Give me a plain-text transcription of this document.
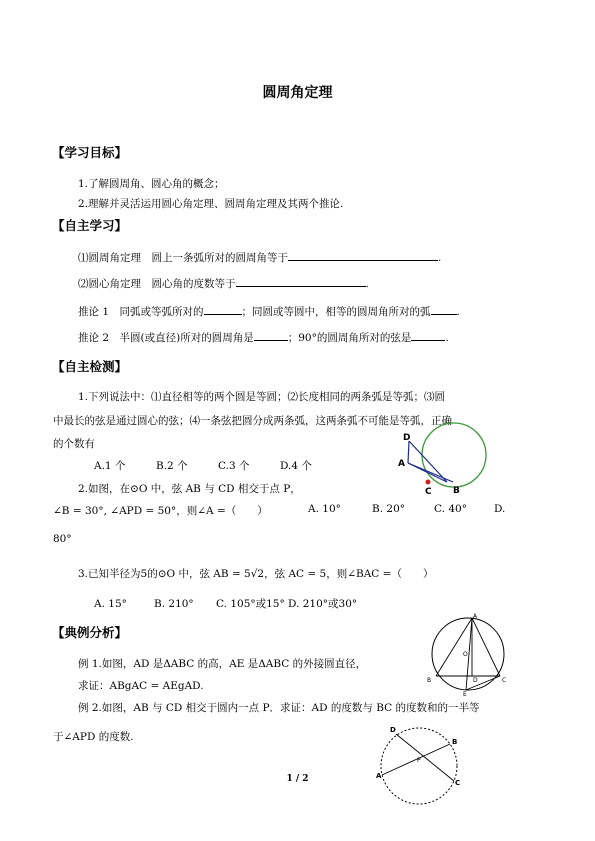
圆周角定理
【学习目标】
1.了解圆周角、圆心角的概念；
2.理解并灵活运用圆心角定理、圆周角定理及其两个推论.
【自主学习】
⑴圆周角定理　圆上一条弧所对的圆周角等于	.
⑵圆心角定理　圆心角的度数等于	.
推论 1　同弧或等弧所对的	；同圆或等圆中，相等的圆周角所对的弧 .
推论 2　半圆(或直径)所对的圆周角是	；90°的圆周角所对的弦是	.
【自主检测】
1.下列说法中：⑴直径相等的两个圆是等圆；⑵长度相同的两条弧是等弧；⑶圆
中最长的弦是通过圆心的弦；⑷一条弦把圆分成两条弧，这两条弧不可能是等弧，正确
的个数有
A.1 个	B.2 个	C.3 个	D.4 个
2.如图，在⊙O 中，弦 AB 与 CD 相交于点 P，
∠B = 30°, ∠APD = 50°，则∠A =（　　）	A. 10°	B. 20°	C. 40°	D.
80°
3.已知半径为5的⊙O 中，弦 AB = 5√2，弦 AC = 5，则∠BAC =（　　）
A. 15°	B. 210° C. 105°或15° D. 210°或30°
【典例分析】
例 1.如图，AD 是ΔABC 的高，AE 是ΔABC 的外接圆直径，
求证：ABgAC = AEgAD.
例 2.如图，AB 与 CD 相交于圆内一点 P．求证：AD 的度数与 BC 的度数和的一半等
于∠APD 的度数.
D
A
C B
A
O
B	C
D
E
D
A
B
C
P
1 / 2
